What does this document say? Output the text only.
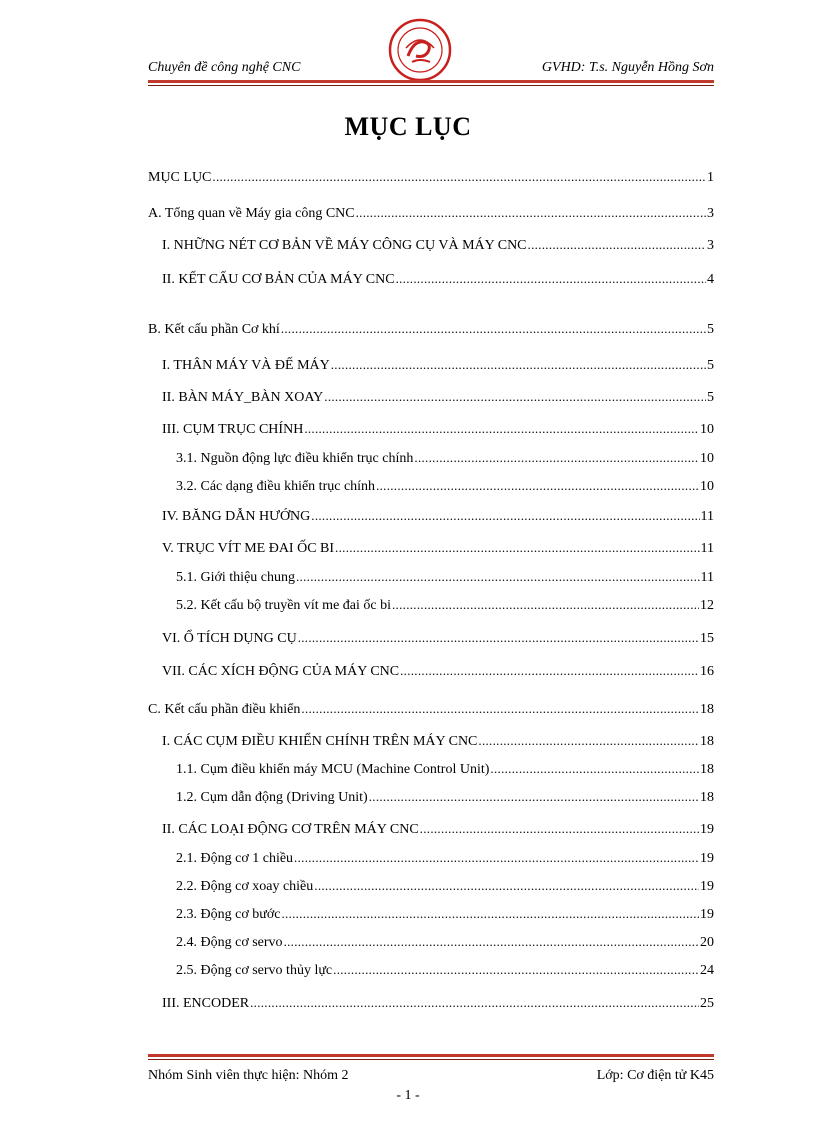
Chuyên đề công nghệ CNC	GVHD: T.s. Nguyễn Hồng Sơn
MỤC LỤC
MỤC LỤC .....	1
A. Tổng quan về Máy gia công CNC .....	3
I. NHỮNG NÉT CƠ BẢN VỀ MÁY CÔNG CỤ VÀ MÁY CNC .....	3
II. KẾT CẤU CƠ BẢN CỦA MÁY CNC .....	4
B. Kết cấu phần Cơ khí .....	5
I. THÂN MÁY VÀ ĐẾ MÁY .....	5
II. BÀN MÁY_BÀN XOAY .....	5
III. CỤM TRỤC CHÍNH .....	10
3.1. Nguồn động lực điều khiển trục chính .....	10
3.2. Các dạng điều khiển trục chính .....	10
IV. BĂNG DẪN HƯỚNG .....	11
V. TRỤC VÍT ME ĐAI ỐC BI .....	11
5.1. Giới thiệu chung .....	11
5.2. Kết cấu bộ truyền vít me đai ốc bi .....	12
VI. Ổ TÍCH DỤNG CỤ .....	15
VII. CÁC XÍCH ĐỘNG CỦA MÁY CNC .....	16
C. Kết cấu phần điều khiển .....	18
I. CÁC CỤM ĐIỀU KHIỂN CHÍNH TRÊN MÁY CNC .....	18
1.1. Cụm điều khiển máy MCU (Machine Control Unit) .....	18
1.2. Cụm dẫn động (Driving Unit) .....	18
II. CÁC LOẠI ĐỘNG CƠ TRÊN MÁY CNC .....	19
2.1. Động cơ 1 chiều .....	19
2.2. Động cơ xoay chiều .....	19
2.3. Động cơ bước .....	19
2.4. Động cơ servo .....	20
2.5. Động cơ servo thủy lực .....	24
III. ENCODER .....	25
Nhóm Sinh viên thực hiện: Nhóm 2	Lớp: Cơ điện tử K45
- 1 -
